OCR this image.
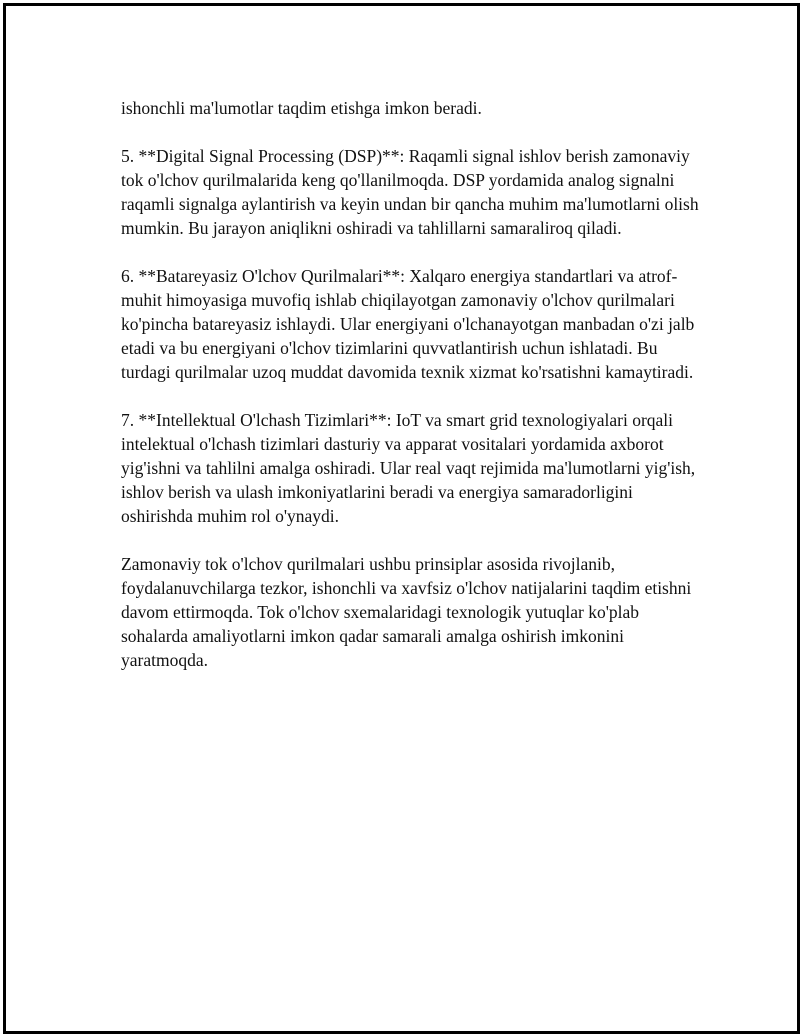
ishonchli ma'lumotlar taqdim etishga imkon beradi.

5. **Digital Signal Processing (DSP)**: Raqamli signal ishlov berish zamonaviy tok o'lchov qurilmalarida keng qo'llanilmoqda. DSP yordamida analog signalni raqamli signalga aylantirish va keyin undan bir qancha muhim ma'lumotlarni olish mumkin. Bu jarayon aniqlikni oshiradi va tahlillarni samaraliroq qiladi.

6. **Batareyasiz O'lchov Qurilmalari**: Xalqaro energiya standartlari va atrof-muhit himoyasiga muvofiq ishlab chiqilayotgan zamonaviy o'lchov qurilmalari ko'pincha batareyasiz ishlaydi. Ular energiyani o'lchanayotgan manbadan o'zi jalb etadi va bu energiyani o'lchov tizimlarini quvvatlantirish uchun ishlatadi. Bu turdagi qurilmalar uzoq muddat davomida texnik xizmat ko'rsatishni kamaytiradi.

7. **Intellektual O'lchash Tizimlari**: IoT va smart grid texnologiyalari orqali intelektual o'lchash tizimlari dasturiy va apparat vositalari yordamida axborot yig'ishni va tahlilni amalga oshiradi. Ular real vaqt rejimida ma'lumotlarni yig'ish, ishlov berish va ulash imkoniyatlarini beradi va energiya samaradorligini oshirishda muhim rol o'ynaydi.

Zamonaviy tok o'lchov qurilmalari ushbu prinsiplar asosida rivojlanib, foydalanuvchilarga tezkor, ishonchli va xavfsiz o'lchov natijalarini taqdim etishni davom ettirmoqda. Tok o'lchov sxemalaridagi texnologik yutuqlar ko'plab sohalarda amaliyotlarni imkon qadar samarali amalga oshirish imkonini yaratmoqda.
